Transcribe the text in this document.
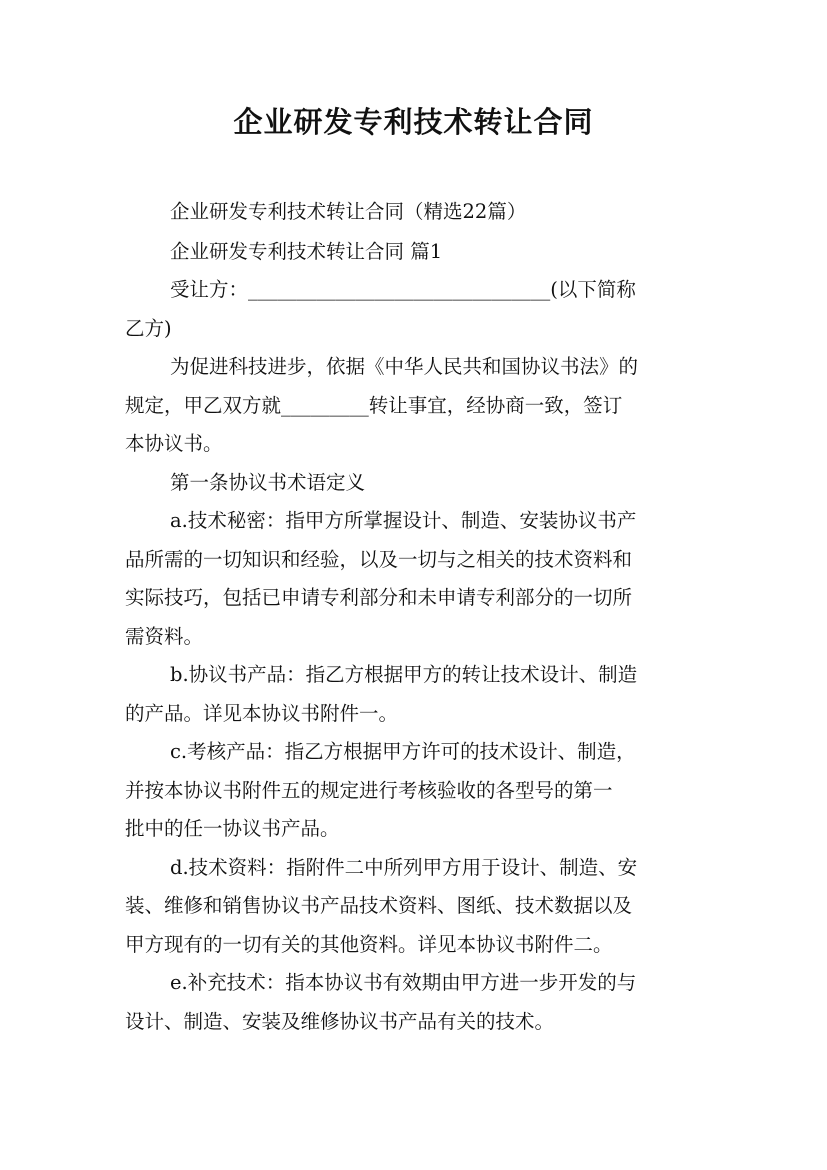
企业研发专利技术转让合同
企业研发专利技术转让合同（精选22篇）
企业研发专利技术转让合同 篇1
受让方：_______________________________(以下简称
乙方)
为促进科技进步，依据《中华人民共和国协议书法》的
规定，甲乙双方就_________转让事宜，经协商一致，签订
本协议书。
第一条协议书术语定义
a.技术秘密：指甲方所掌握设计、制造、安装协议书产
品所需的一切知识和经验，以及一切与之相关的技术资料和
实际技巧，包括已申请专利部分和未申请专利部分的一切所
需资料。
b.协议书产品：指乙方根据甲方的转让技术设计、制造
的产品。详见本协议书附件一。
c.考核产品：指乙方根据甲方许可的技术设计、制造，
并按本协议书附件五的规定进行考核验收的各型号的第一
批中的任一协议书产品。
d.技术资料：指附件二中所列甲方用于设计、制造、安
装、维修和销售协议书产品技术资料、图纸、技术数据以及
甲方现有的一切有关的其他资料。详见本协议书附件二。
e.补充技术：指本协议书有效期由甲方进一步开发的与
设计、制造、安装及维修协议书产品有关的技术。
